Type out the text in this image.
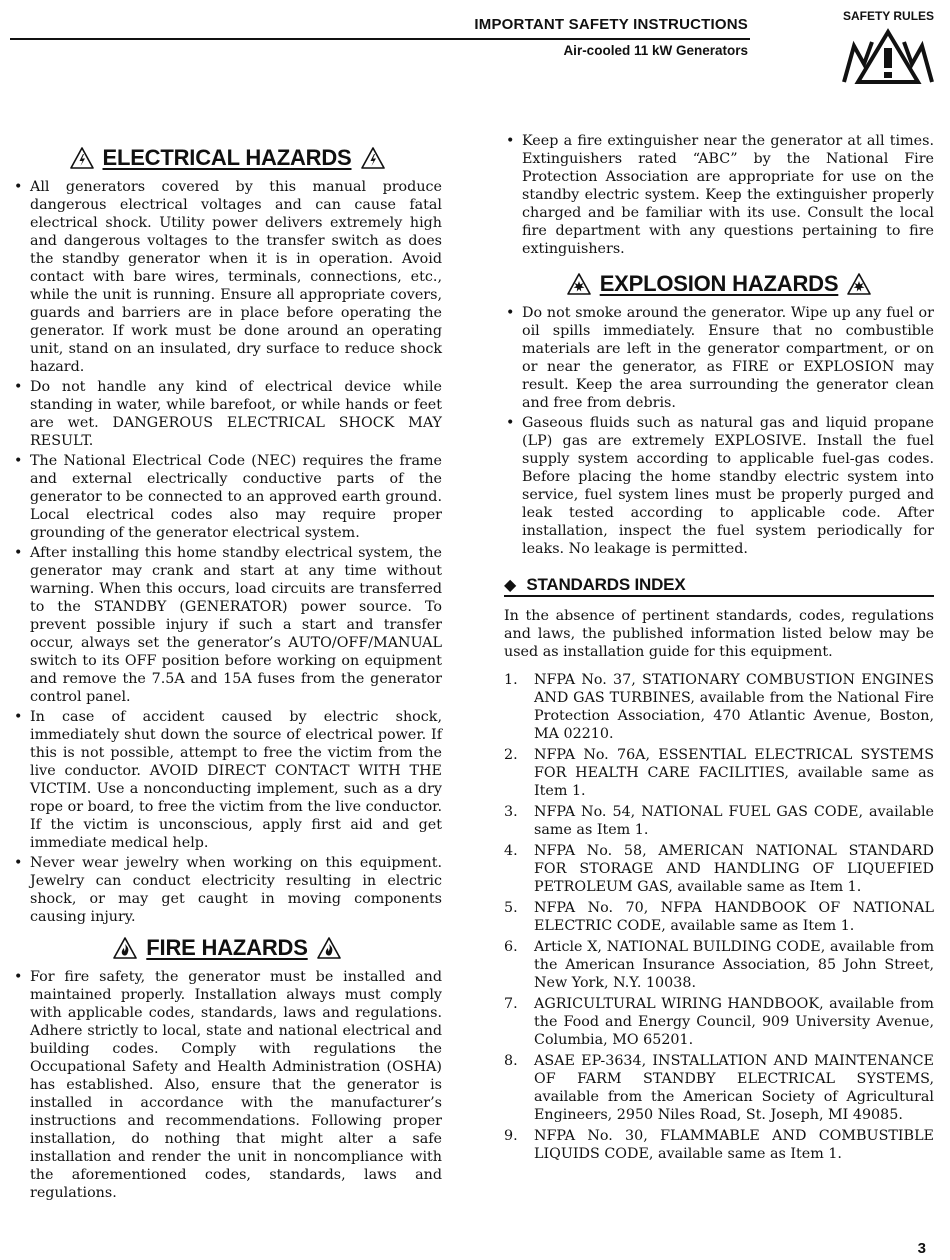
IMPORTANT SAFETY INSTRUCTIONS
Air-cooled 11 kW Generators
SAFETY RULES
ELECTRICAL HAZARDS
• All generators covered by this manual produce dangerous electrical voltages and can cause fatal electrical shock. Utility power delivers extremely high and dangerous voltages to the transfer switch as does the standby generator when it is in operation. Avoid contact with bare wires, terminals, connections, etc., while the unit is running. Ensure all appropriate covers, guards and barriers are in place before operating the generator. If work must be done around an operating unit, stand on an insulated, dry surface to reduce shock hazard.
• Do not handle any kind of electrical device while standing in water, while barefoot, or while hands or feet are wet. DANGEROUS ELECTRICAL SHOCK MAY RESULT.
• The National Electrical Code (NEC) requires the frame and external electrically conductive parts of the generator to be connected to an approved earth ground. Local electrical codes also may require proper grounding of the generator electrical system.
• After installing this home standby electrical system, the generator may crank and start at any time without warning. When this occurs, load circuits are transferred to the STANDBY (GENERATOR) power source. To prevent possible injury if such a start and transfer occur, always set the generator’s AUTO/OFF/MANUAL switch to its OFF position before working on equipment and remove the 7.5A and 15A fuses from the generator control panel.
• In case of accident caused by electric shock, immediately shut down the source of electrical power. If this is not possible, attempt to free the victim from the live conductor. AVOID DIRECT CONTACT WITH THE VICTIM. Use a nonconducting implement, such as a dry rope or board, to free the victim from the live conductor. If the victim is unconscious, apply first aid and get immediate medical help.
• Never wear jewelry when working on this equipment. Jewelry can conduct electricity resulting in electric shock, or may get caught in moving components causing injury.
FIRE HAZARDS
• For fire safety, the generator must be installed and maintained properly. Installation always must comply with applicable codes, standards, laws and regulations. Adhere strictly to local, state and national electrical and building codes. Comply with regulations the Occupational Safety and Health Administration (OSHA) has established. Also, ensure that the generator is installed in accordance with the manufacturer’s instructions and recommendations. Following proper installation, do nothing that might alter a safe installation and render the unit in noncompliance with the aforementioned codes, standards, laws and regulations.
• Keep a fire extinguisher near the generator at all times. Extinguishers rated “ABC” by the National Fire Protection Association are appropriate for use on the standby electric system. Keep the extinguisher properly charged and be familiar with its use. Consult the local fire department with any questions pertaining to fire extinguishers.
EXPLOSION HAZARDS
• Do not smoke around the generator. Wipe up any fuel or oil spills immediately. Ensure that no combustible materials are left in the generator compartment, or on or near the generator, as FIRE or EXPLOSION may result. Keep the area surrounding the generator clean and free from debris.
• Gaseous fluids such as natural gas and liquid propane (LP) gas are extremely EXPLOSIVE. Install the fuel supply system according to applicable fuel-gas codes. Before placing the home standby electric system into service, fuel system lines must be properly purged and leak tested according to applicable code. After installation, inspect the fuel system periodically for leaks. No leakage is permitted.
◆ STANDARDS INDEX

In the absence of pertinent standards, codes, regulations and laws, the published information listed below may be used as installation guide for this equipment.

1. NFPA No. 37, STATIONARY COMBUSTION ENGINES AND GAS TURBINES, available from the National Fire Protection Association, 470 Atlantic Avenue, Boston, MA 02210.
2. NFPA No. 76A, ESSENTIAL ELECTRICAL SYSTEMS FOR HEALTH CARE FACILITIES, available same as Item 1.
3. NFPA No. 54, NATIONAL FUEL GAS CODE, available same as Item 1.
4. NFPA No. 58, AMERICAN NATIONAL STANDARD FOR STORAGE AND HANDLING OF LIQUEFIED PETROLEUM GAS, available same as Item 1.
5. NFPA No. 70, NFPA HANDBOOK OF NATIONAL ELECTRIC CODE, available same as Item 1.
6. Article X, NATIONAL BUILDING CODE, available from the American Insurance Association, 85 John Street, New York, N.Y. 10038.
7. AGRICULTURAL WIRING HANDBOOK, available from the Food and Energy Council, 909 University Avenue, Columbia, MO 65201.
8. ASAE EP-3634, INSTALLATION AND MAINTENANCE OF FARM STANDBY ELECTRICAL SYSTEMS, available from the American Society of Agricultural Engineers, 2950 Niles Road, St. Joseph, MI 49085.
9. NFPA No. 30, FLAMMABLE AND COMBUSTIBLE LIQUIDS CODE, available same as Item 1.
3
